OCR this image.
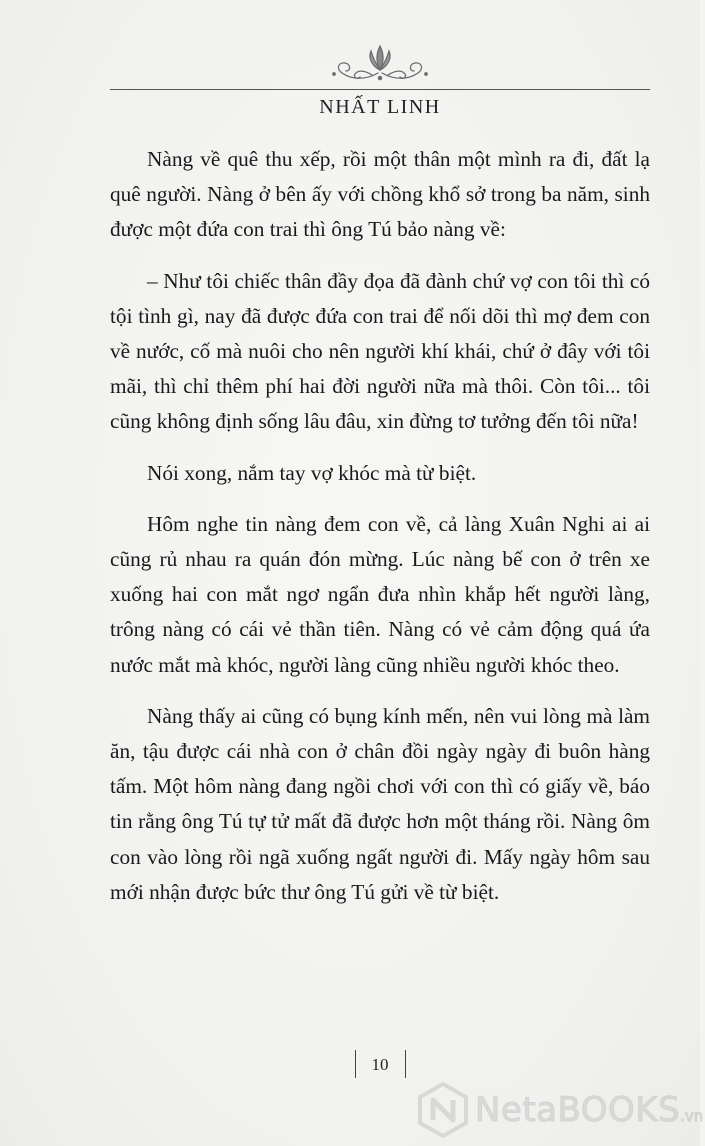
NHẤT LINH

Nàng về quê thu xếp, rồi một thân một mình ra đi, đất lạ quê người. Nàng ở bên ấy với chồng khổ sở trong ba năm, sinh được một đứa con trai thì ông Tú bảo nàng về:

– Như tôi chiếc thân đầy đọa đã đành chứ vợ con tôi thì có tội tình gì, nay đã được đứa con trai để nối dõi thì mợ đem con về nước, cố mà nuôi cho nên người khí khái, chứ ở đây với tôi mãi, thì chỉ thêm phí hai đời người nữa mà thôi. Còn tôi... tôi cũng không định sống lâu đâu, xin đừng tơ tưởng đến tôi nữa!

Nói xong, nắm tay vợ khóc mà từ biệt.

Hôm nghe tin nàng đem con về, cả làng Xuân Nghi ai ai cũng rủ nhau ra quán đón mừng. Lúc nàng bế con ở trên xe xuống hai con mắt ngơ ngẩn đưa nhìn khắp hết người làng, trông nàng có cái vẻ thần tiên. Nàng có vẻ cảm động quá ứa nước mắt mà khóc, người làng cũng nhiều người khóc theo.

Nàng thấy ai cũng có bụng kính mến, nên vui lòng mà làm ăn, tậu được cái nhà con ở chân đồi ngày ngày đi buôn hàng tấm. Một hôm nàng đang ngồi chơi với con thì có giấy về, báo tin rằng ông Tú tự tử mất đã được hơn một tháng rồi. Nàng ôm con vào lòng rồi ngã xuống ngất người đi. Mấy ngày hôm sau mới nhận được bức thư ông Tú gửi về từ biệt.

10
NetaBOOKS.vn
